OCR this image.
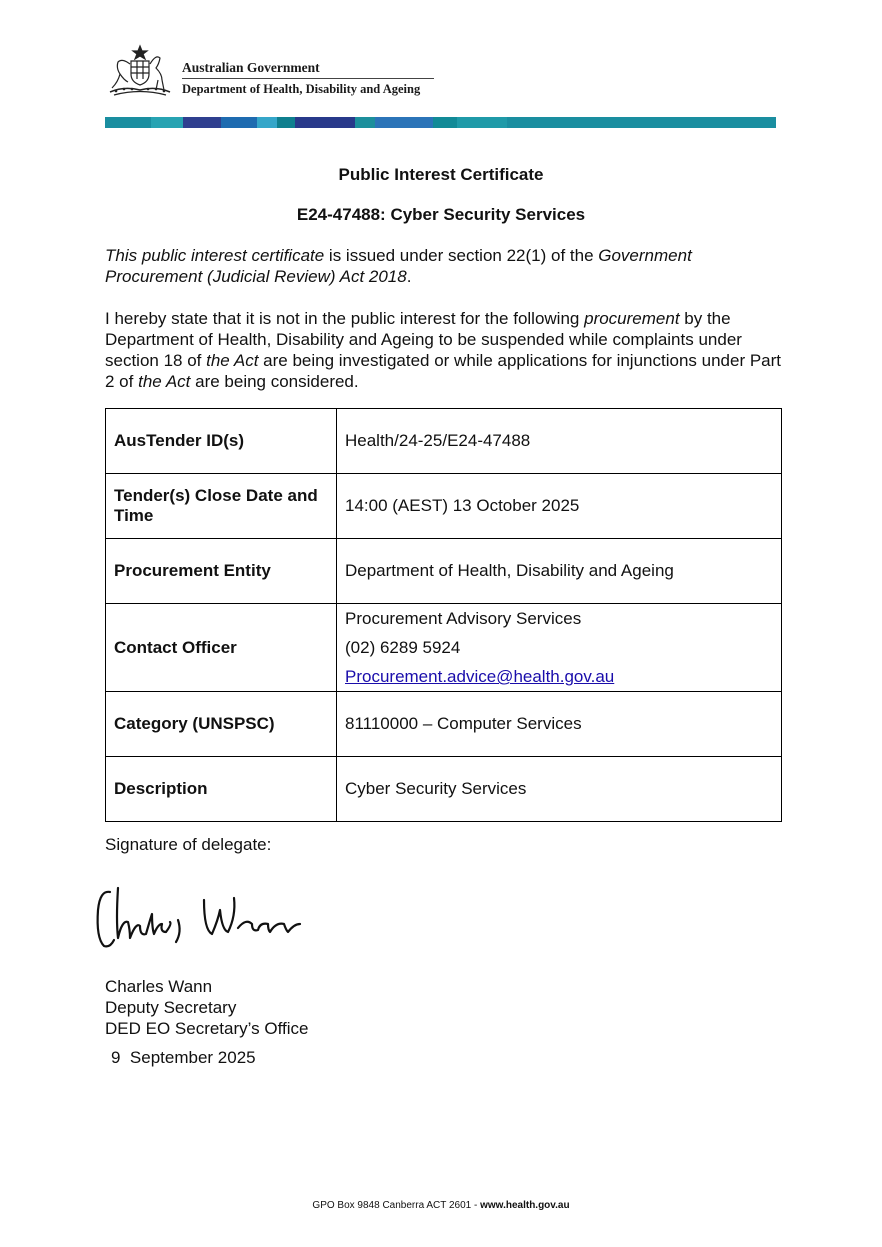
Australian Government
Department of Health, Disability and Ageing
Public Interest Certificate
E24-47488: Cyber Security Services
This public interest certificate is issued under section 22(1) of the Government Procurement (Judicial Review) Act 2018.
I hereby state that it is not in the public interest for the following procurement by the Department of Health, Disability and Ageing to be suspended while complaints under section 18 of the Act are being investigated or while applications for injunctions under Part 2 of the Act are being considered.
AusTender ID(s)	Health/24-25/E24-47488
Tender(s) Close Date and Time	14:00 (AEST) 13 October 2025
Procurement Entity	Department of Health, Disability and Ageing
Contact Officer	Procurement Advisory Services
(02) 6289 5924
Procurement.advice@health.gov.au

Category (UNSPSC)	81110000 – Computer Services
Description	Cyber Security Services
Signature of delegate:
Charles Wann
Deputy Secretary
DED EO Secretary’s Office
9  September 2025
GPO Box 9848 Canberra ACT 2601 - www.health.gov.au
